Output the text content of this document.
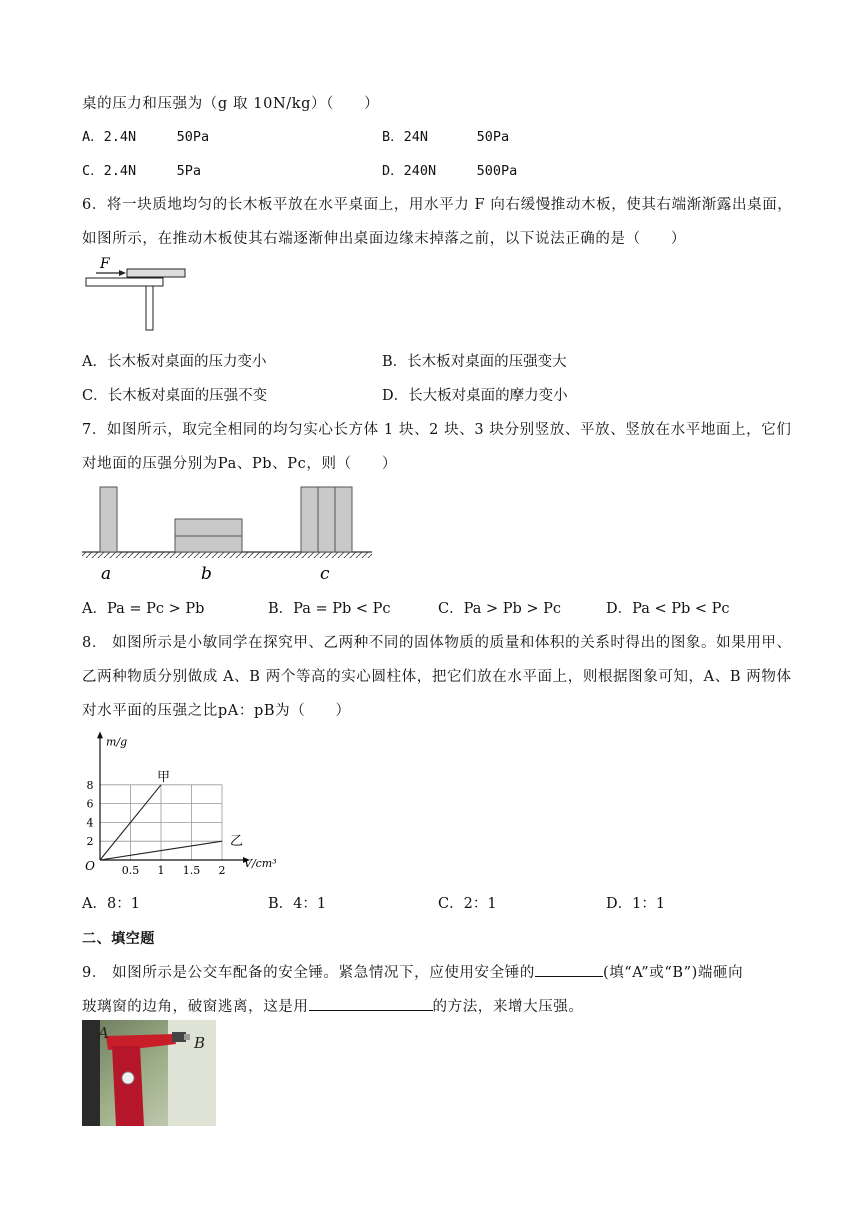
桌的压力和压强为（g 取 10N/kg）（　　）
A．2.4N　　　50Pa	B．24N　　　 50Pa
C．2.4N　　　5Pa	D．240N　　　500Pa
6．将一块质地均匀的长木板平放在水平桌面上，用水平力 F 向右缓慢推动木板，使其右端渐渐露出桌面，
如图所示，在推动木板使其右端逐渐伸出桌面边缘末掉落之前，以下说法正确的是（　　）
F
A．长木板对桌面的压力变小	B．长木板对桌面的压强变大
C．长木板对桌面的压强不变	D．长大板对桌面的摩力变小
7．如图所示，取完全相同的均匀实心长方体 1 块、2 块、3 块分别竖放、平放、竖放在水平地面上，它们
对地面的压强分别为Pa、Pb、Pc，则（　　）
a	b	c
A．Pa = Pc > Pb	B．Pa = Pb < Pc	C．Pa > Pb > Pc	D．Pa < Pb < Pc
8． 如图所示是小敏同学在探究甲、乙两种不同的固体物质的质量和体积的关系时得出的图象。如果用甲、
乙两种物质分别做成 A、B 两个等高的实心圆柱体，把它们放在水平面上，则根据图象可知，A、B 两物体
对水平面的压强之比pA：pB为（　　）
0.5 1 1.5 2
2
4
6
8
O	V/cm³
m/g
甲
乙
A．8：1	B．4：1	C．2：1	D．1：1
二、填空题
9． 如图所示是公交车配备的安全锤。紧急情况下，应使用安全锤的	(填“A”或“B”)端砸向
玻璃窗的边角，破窗逃离，这是用	的方法，来增大压强。
A
B
